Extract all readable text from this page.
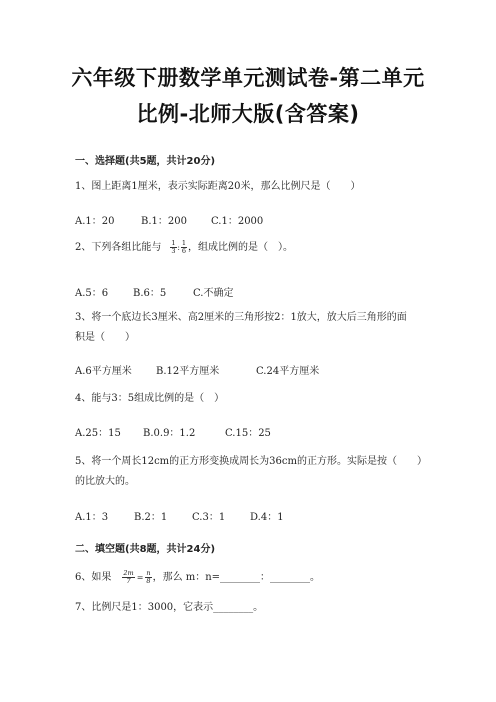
六年级下册数学单元测试卷-第二单元
比例-北师大版(含答案)
一、选择题(共5题，共计20分)
1、图上距离1厘米，表示实际距离20米，那么比例尺是（　　）
A.1：20	B.1：200 C.1：2000
2、下列各组比能与 $\frac{1}{3}$ : $\frac{1}{6}$ ，组成比例的是（　）。
A.5：6 B.6：5	C.不确定
3、将一个底边长3厘米、高2厘米的三角形按2：1放大，放大后三角形的面
积是（　　）
A.6平方厘米 B.12平方厘米	C.24平方厘米
4、能与3：5组成比例的是（　）
A.25：15 B.0.9：1.2	C.15：25
5、将一个周长12cm的正方形变换成周长为36cm的正方形。实际是按（　　）
的比放大的。
A.1：3	B.2：1 C.3：1 D.4：1
二、填空题(共8题，共计24分)
6、如果 $\frac{2m}{7} = \frac{n}{8}$ ，那么 m：n=________：________。
7、比例尺是1：3000，它表示________。
